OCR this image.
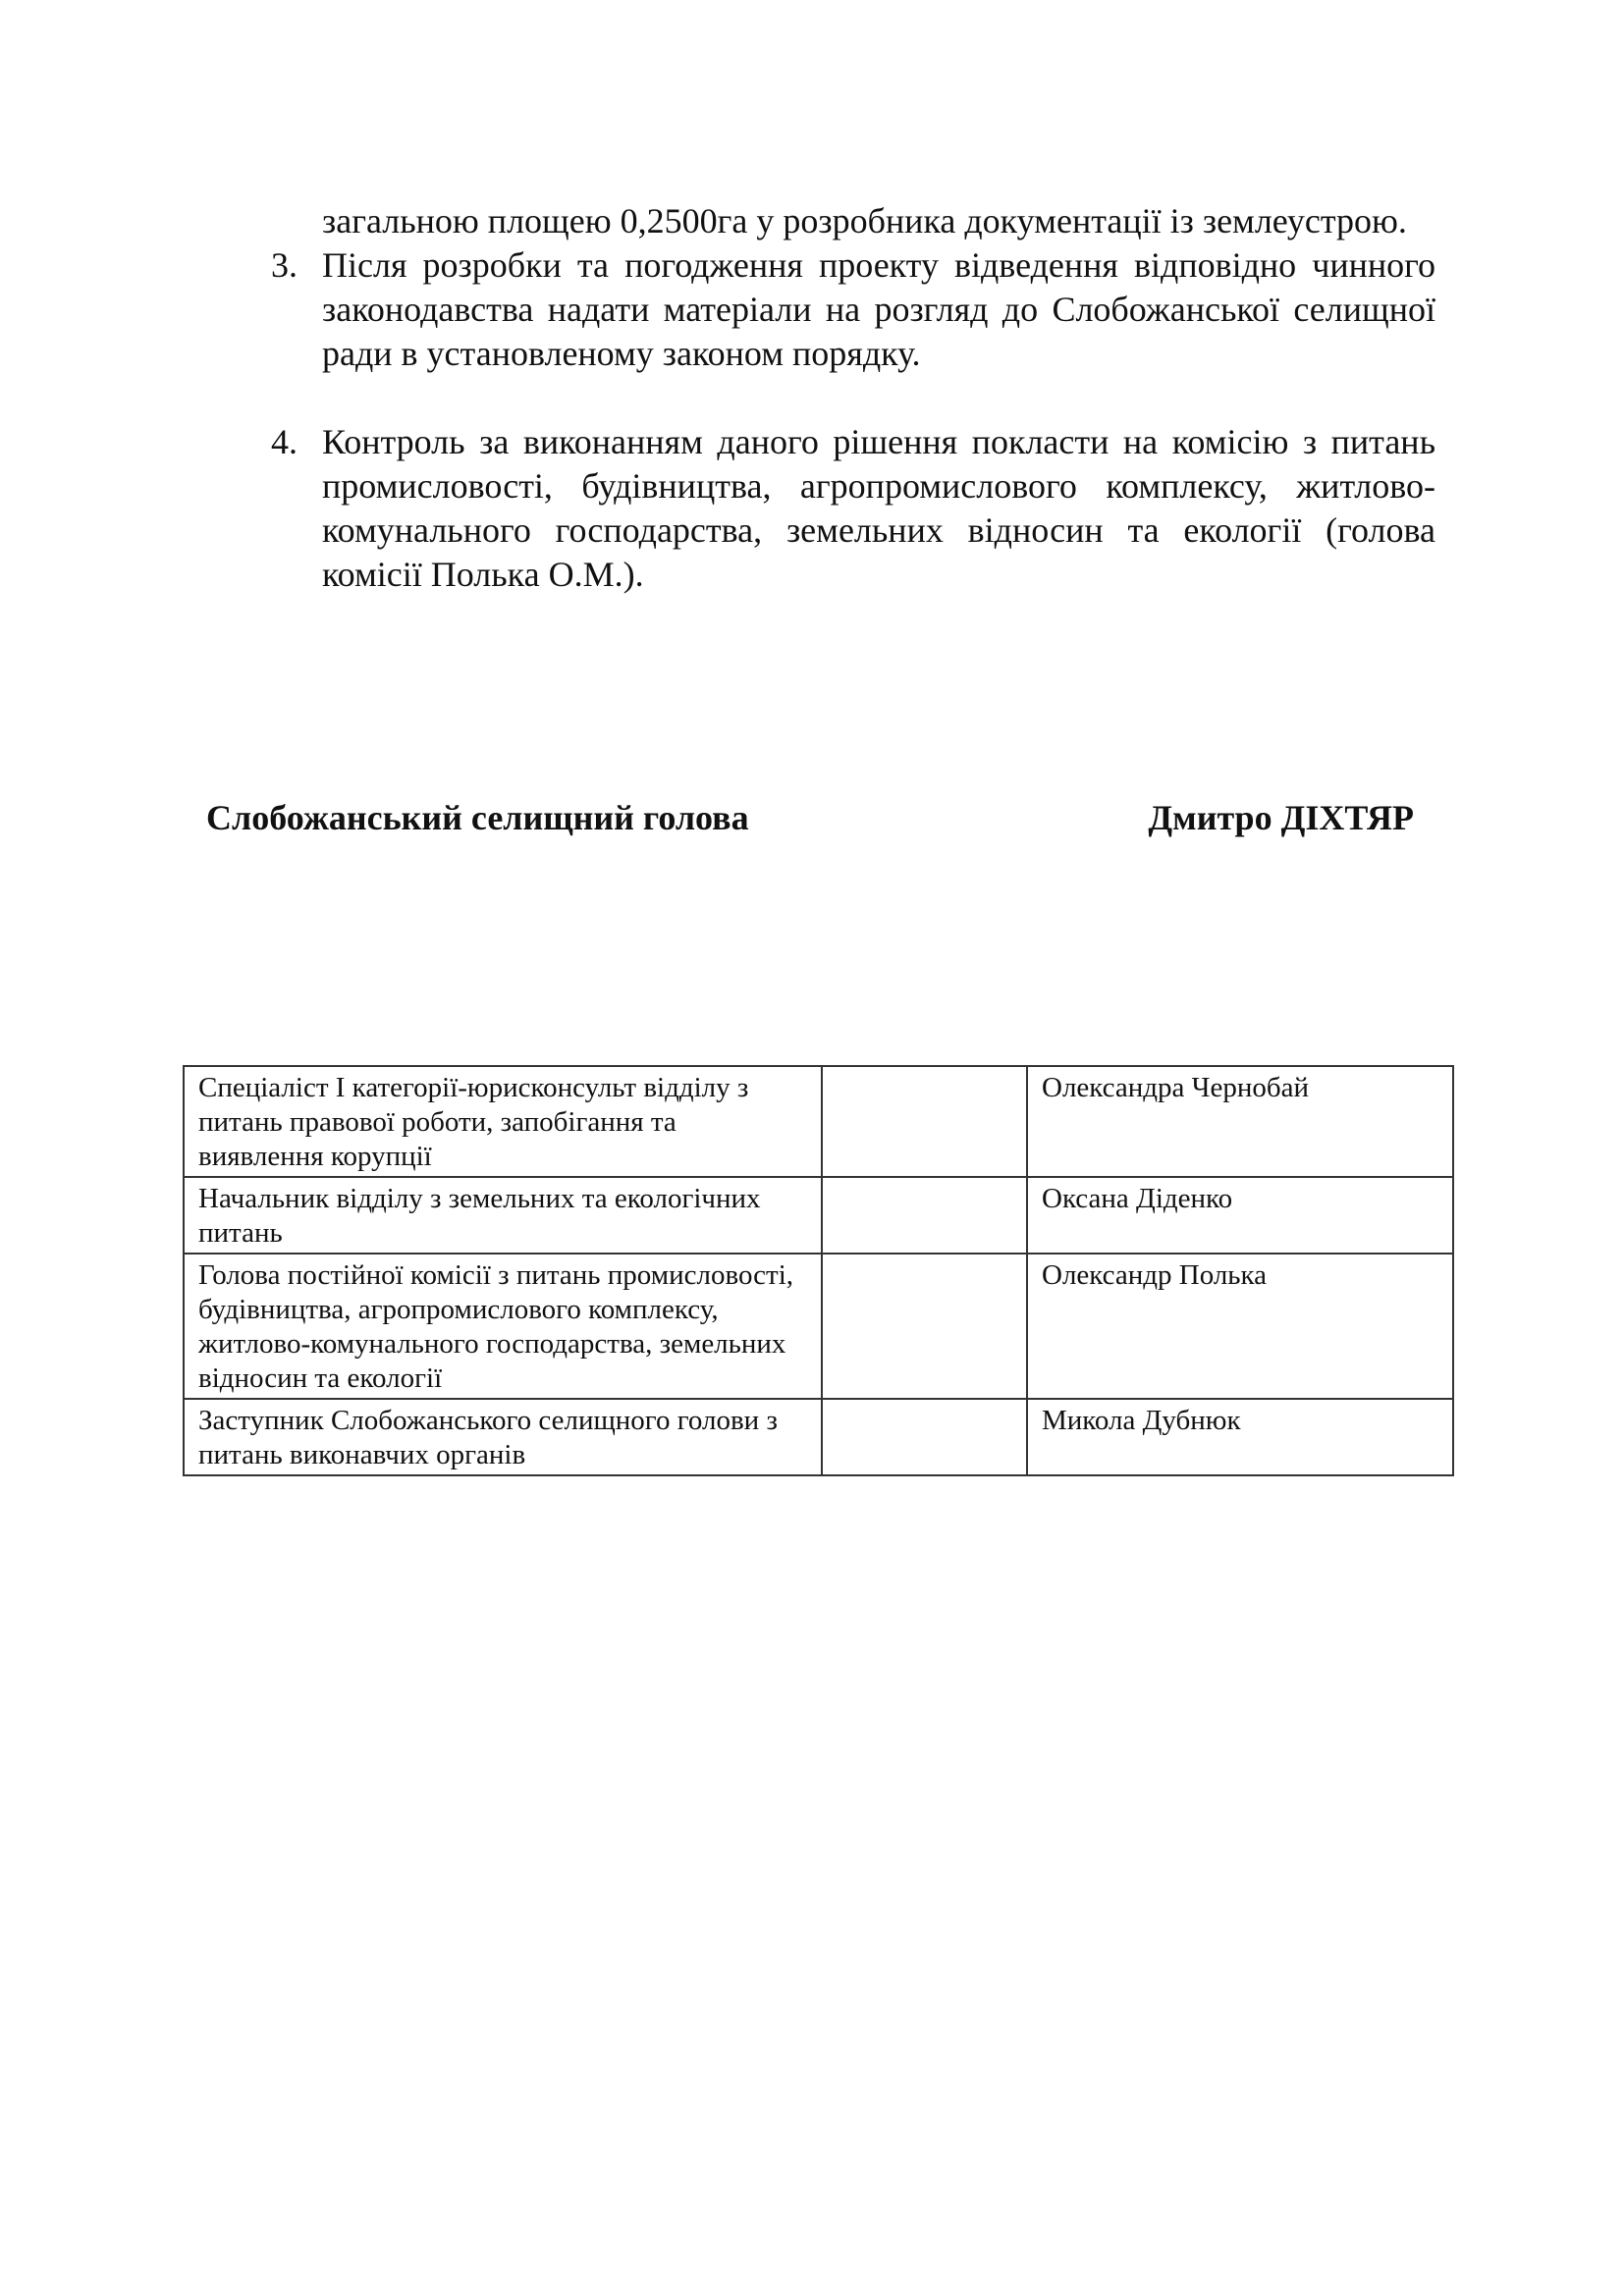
загальною площею 0,2500га у розробника документації із землеустрою.

3. Після розробки та погодження проекту відведення відповідно чинного законодавства надати матеріали на розгляд до Слобожанської селищної ради в установленому законом порядку.
4. Контроль за виконанням даного рішення покласти на комісію з питань промисловості, будівництва, агропромислового комплексу, житлово-комунального господарства, земельних відносин та екології (голова комісії Полька О.М.).
Слобожанський селищний голова	Дмитро ДІХТЯР
Спеціаліст І категорії-юрисконсульт відділу з питань правової роботи, запобігання та виявлення корупції		Олександра Чернобай
Начальник відділу з земельних та екологічних питань		Оксана Діденко
Голова постійної комісії з питань промисловості, будівництва, агропромислового комплексу, житлово-комунального господарства, земельних відносин та екології		Олександр Полька
Заступник Слобожанського селищного голови з питань виконавчих органів		Микола Дубнюк
